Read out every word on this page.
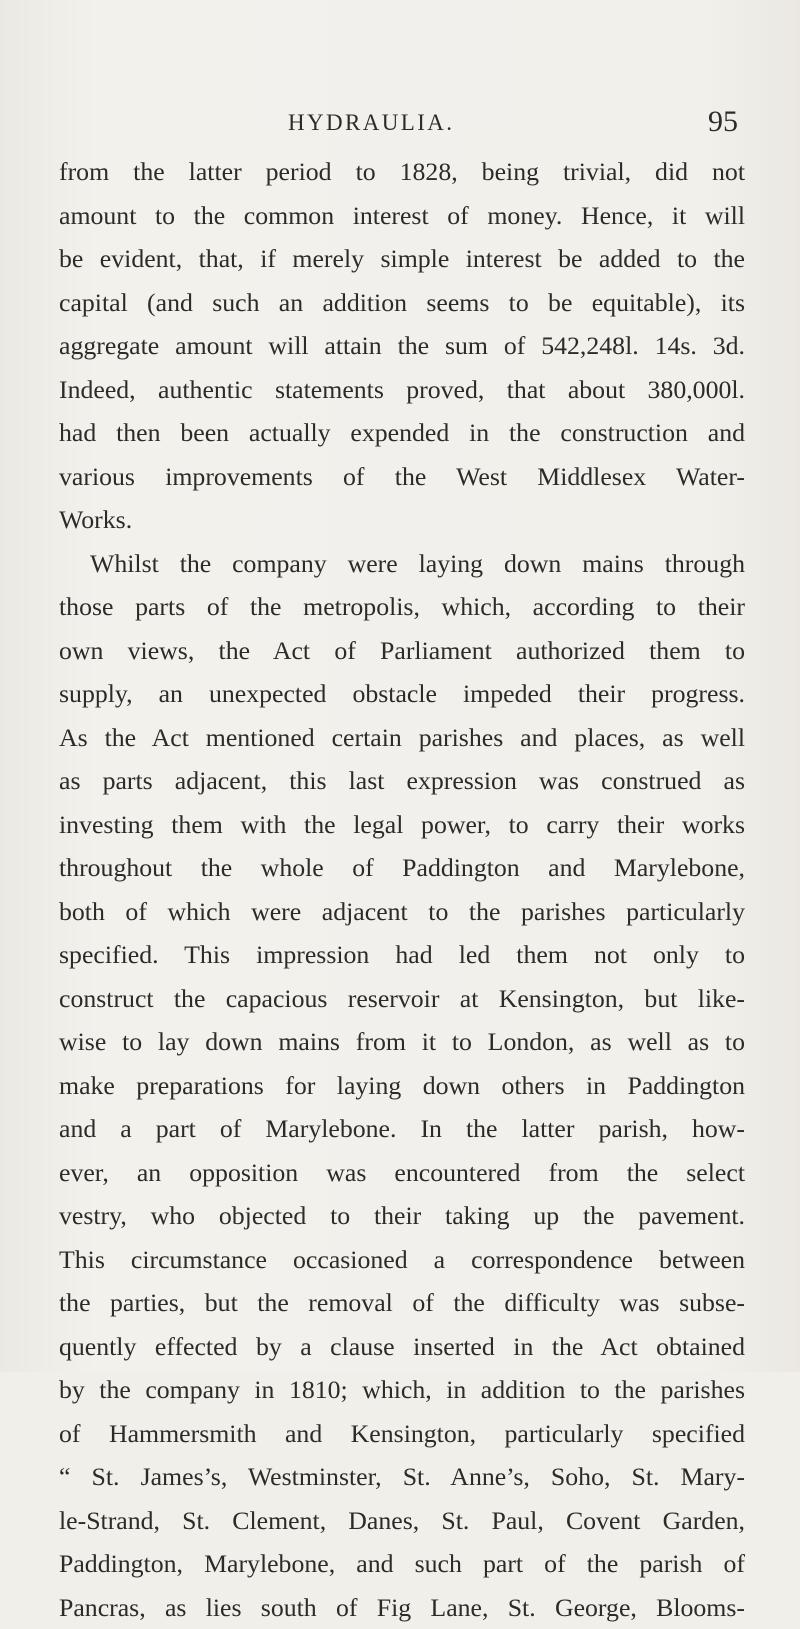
HYDRAULIA.	95
from the latter period to 1828, being trivial, did not
amount to the common interest of money. Hence, it will
be evident, that, if merely simple interest be added to the
capital (and such an addition seems to be equitable), its
aggregate amount will attain the sum of 542,248l. 14s. 3d.
Indeed, authentic statements proved, that about 380,000l.
had then been actually expended in the construction and
various improvements of the West Middlesex Water-
Works.
Whilst the company were laying down mains through
those parts of the metropolis, which, according to their
own views, the Act of Parliament authorized them to
supply, an unexpected obstacle impeded their progress.
As the Act mentioned certain parishes and places, as well
as parts adjacent, this last expression was construed as
investing them with the legal power, to carry their works
throughout the whole of Paddington and Marylebone,
both of which were adjacent to the parishes particularly
specified. This impression had led them not only to
construct the capacious reservoir at Kensington, but like-
wise to lay down mains from it to London, as well as to
make preparations for laying down others in Paddington
and a part of Marylebone. In the latter parish, how-
ever, an opposition was encountered from the select
vestry, who objected to their taking up the pavement.
This circumstance occasioned a correspondence between
the parties, but the removal of the difficulty was subse-
quently effected by a clause inserted in the Act obtained
by the company in 1810; which, in addition to the parishes
of Hammersmith and Kensington, particularly specified
“ St. James’s, Westminster, St. Anne’s, Soho, St. Mary-
le-Strand, St. Clement, Danes, St. Paul, Covent Garden,
Paddington, Marylebone, and such part of the parish of
Pancras, as lies south of Fig Lane, St. George, Blooms-
